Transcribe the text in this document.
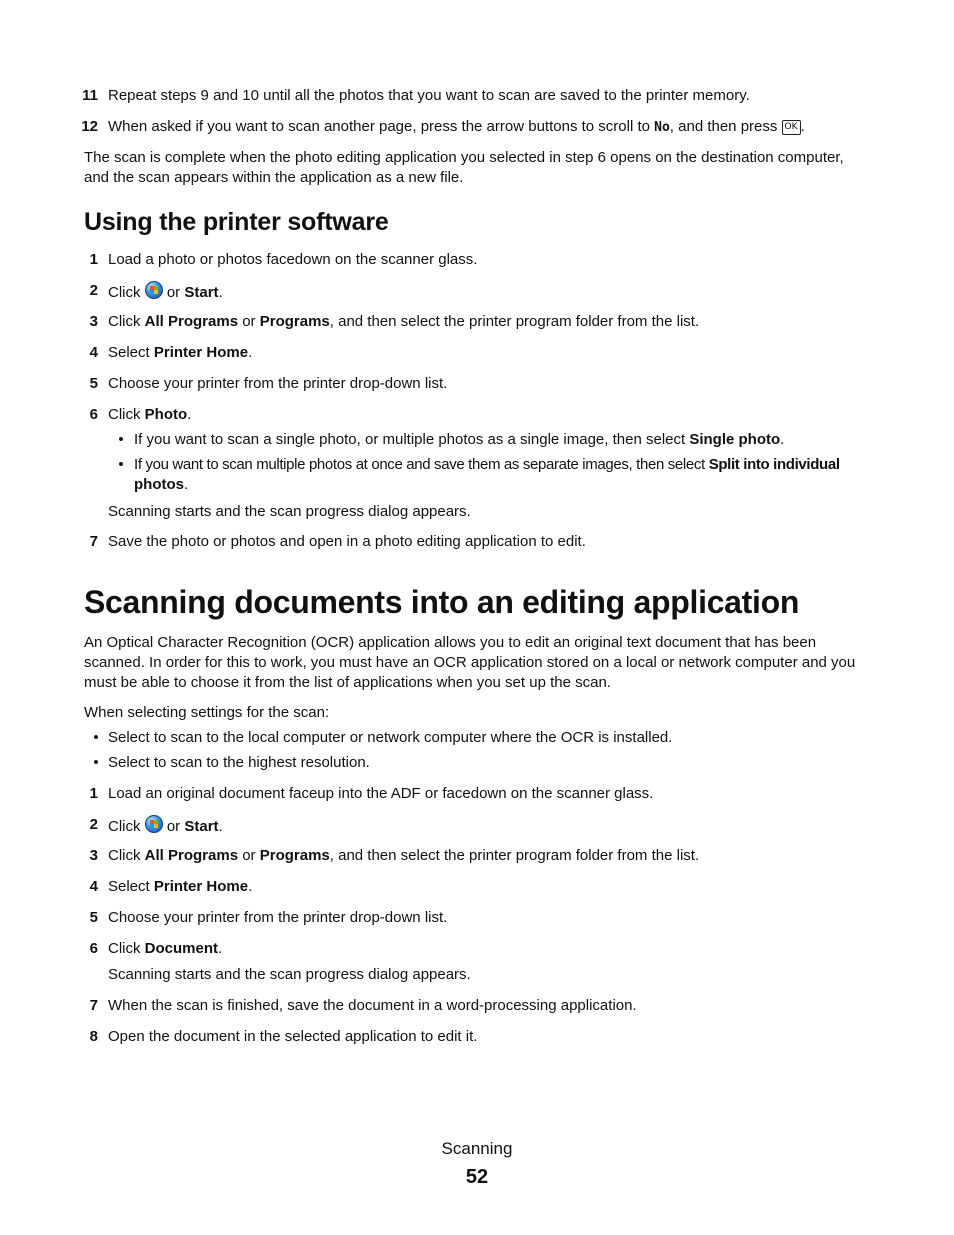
11 Repeat steps 9 and 10 until all the photos that you want to scan are saved to the printer memory.
12 When asked if you want to scan another page, press the arrow buttons to scroll to No, and then press OK .
The scan is complete when the photo editing application you selected in step 6 opens on the destination computer,
and the scan appears within the application as a new file.
Using the printer software
1 Load a photo or photos facedown on the scanner glass.
2 Click  or Start.
3 Click All Programs or Programs, and then select the printer program folder from the list.
4 Select Printer Home.
5 Choose your printer from the printer drop-down list.
6 Click Photo.
• If you want to scan a single photo, or multiple photos as a single image, then select Single photo.
• If you want to scan multiple photos at once and save them as separate images, then select Split into individual
photos.
Scanning starts and the scan progress dialog appears.
7 Save the photo or photos and open in a photo editing application to edit.
Scanning documents into an editing application
An Optical Character Recognition (OCR) application allows you to edit an original text document that has been
scanned. In order for this to work, you must have an OCR application stored on a local or network computer and you
must be able to choose it from the list of applications when you set up the scan.
When selecting settings for the scan:
• Select to scan to the local computer or network computer where the OCR is installed.
• Select to scan to the highest resolution.
1 Load an original document faceup into the ADF or facedown on the scanner glass.
2 Click  or Start.
3 Click All Programs or Programs, and then select the printer program folder from the list.
4 Select Printer Home.
5 Choose your printer from the printer drop-down list.
6 Click Document.
Scanning starts and the scan progress dialog appears.
7 When the scan is finished, save the document in a word-processing application.
8 Open the document in the selected application to edit it.
Scanning
52
